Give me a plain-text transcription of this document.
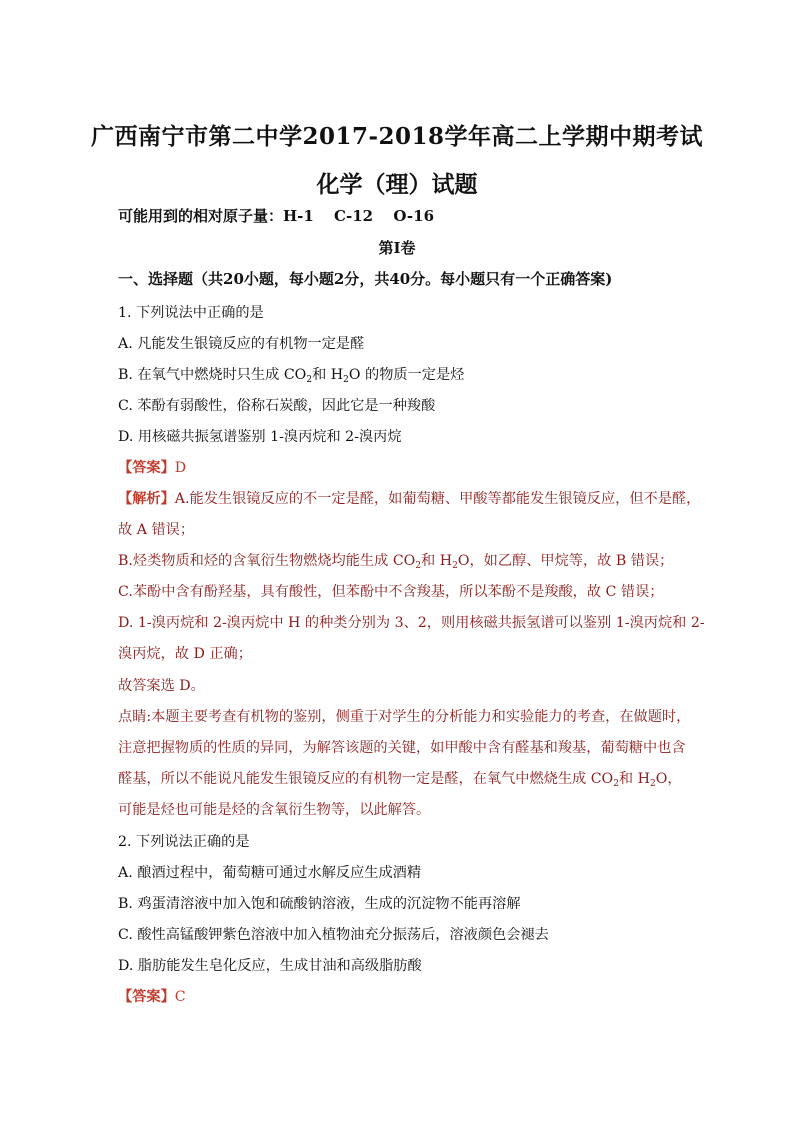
广西南宁市第二中学2017-2018学年高二上学期中期考试
化学（理）试题
可能用到的相对原子量：H-1　 C-12　 O-16
第I卷
一、选择题（共20小题，每小题2分，共40分。每小题只有一个正确答案)
1. 下列说法中正确的是
A. 凡能发生银镜反应的有机物一定是醛
B. 在氧气中燃烧时只生成 $CO_2$和 $H_2O$ 的物质一定是烃
C. 苯酚有弱酸性，俗称石炭酸，因此它是一种羧酸
D. 用核磁共振氢谱鉴别 1-溴丙烷和 2-溴丙烷
【答案】D
【解析】A.能发生银镜反应的不一定是醛，如葡萄糖、甲酸等都能发生银镜反应，但不是醛，
故 A 错误；
B.烃类物质和烃的含氧衍生物燃烧均能生成 $CO_2$和 $H_2O$，如乙醇、甲烷等，故 B 错误；
C.苯酚中含有酚羟基，具有酸性，但苯酚中不含羧基，所以苯酚不是羧酸，故 C 错误；
D. 1-溴丙烷和 2-溴丙烷中 H 的种类分别为 3、2，则用核磁共振氢谱可以鉴别 1-溴丙烷和 2-
溴丙烷，故 D 正确；
故答案选 D。
点睛:本题主要考查有机物的鉴别，侧重于对学生的分析能力和实验能力的考查，在做题时，
注意把握物质的性质的异同，为解答该题的关键，如甲酸中含有醛基和羧基，葡萄糖中也含
醛基，所以不能说凡能发生银镜反应的有机物一定是醛，在氧气中燃烧生成 $CO_2$和 $H_2O$，
可能是烃也可能是烃的含氧衍生物等，以此解答。
2. 下列说法正确的是
A. 酿酒过程中，葡萄糖可通过水解反应生成酒精
B. 鸡蛋清溶液中加入饱和硫酸钠溶液，生成的沉淀物不能再溶解
C. 酸性高锰酸钾紫色溶液中加入植物油充分振荡后，溶液颜色会褪去
D. 脂肪能发生皂化反应，生成甘油和高级脂肪酸
【答案】C
